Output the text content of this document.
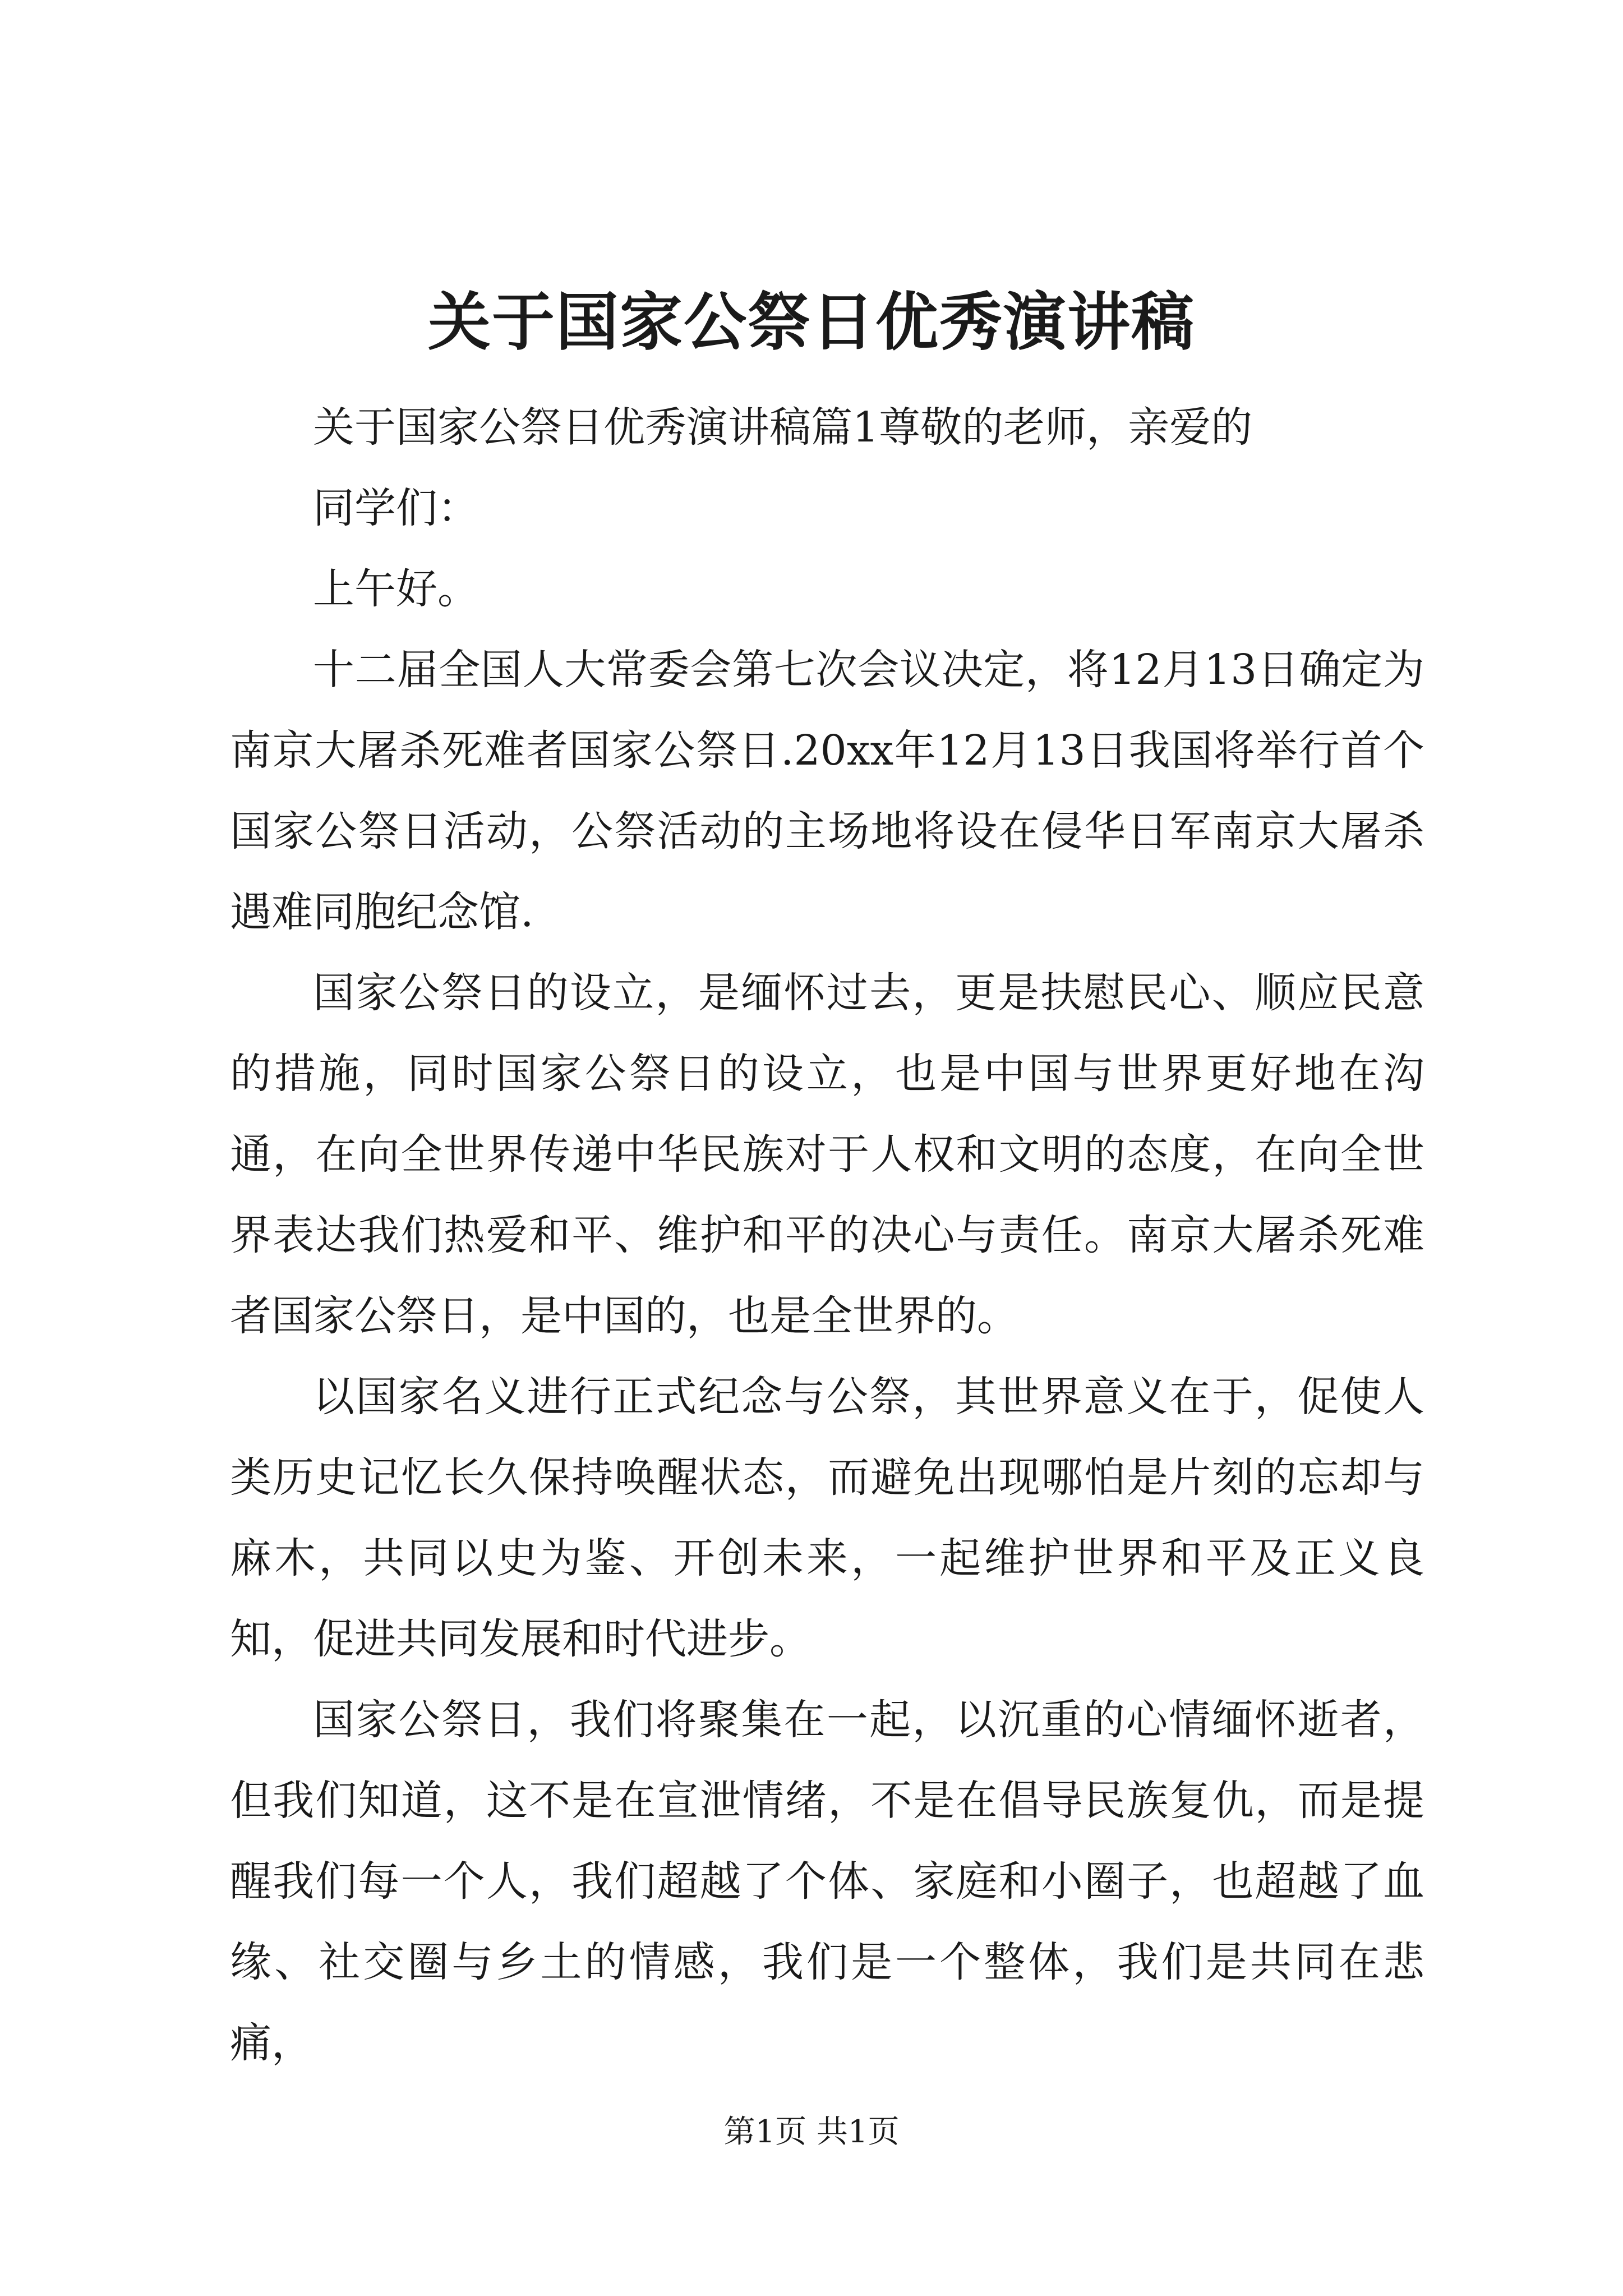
关于国家公祭日优秀演讲稿

关于国家公祭日优秀演讲稿篇1尊敬的老师，亲爱的

同学们：

上午好。

十二届全国人大常委会第七次会议决定，将12月13日确定为南京大屠杀死难者国家公祭日.20xx年12月13日我国将举行首个国家公祭日活动，公祭活动的主场地将设在侵华日军南京大屠杀遇难同胞纪念馆.

国家公祭日的设立，是缅怀过去，更是扶慰民心、顺应民意的措施，同时国家公祭日的设立，也是中国与世界更好地在沟通，在向全世界传递中华民族对于人权和文明的态度，在向全世界表达我们热爱和平、维护和平的决心与责任。南京大屠杀死难者国家公祭日，是中国的，也是全世界的。

以国家名义进行正式纪念与公祭，其世界意义在于，促使人类历史记忆长久保持唤醒状态，而避免出现哪怕是片刻的忘却与麻木，共同以史为鉴、开创未来，一起维护世界和平及正义良知，促进共同发展和时代进步。

国家公祭日，我们将聚集在一起，以沉重的心情缅怀逝者，但我们知道，这不是在宣泄情绪，不是在倡导民族复仇，而是提醒我们每一个人，我们超越了个体、家庭和小圈子，也超越了血缘、社交圈与乡土的情感，我们是一个整体，我们是共同在悲痛，

第1页 共1页
